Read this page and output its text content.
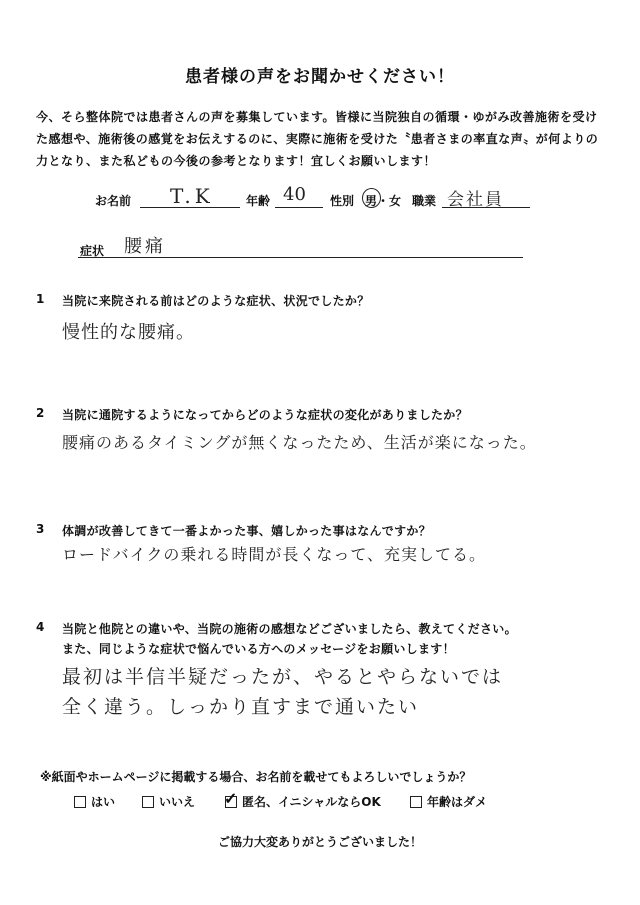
患者様の声をお聞かせください！
今、そら整体院では患者さんの声を募集しています。皆様に当院独自の循環・ゆがみ改善施術を受けた感想や、施術後の感覚をお伝えするのに、実際に施術を受けた〝患者さまの率直な声〟が何よりの力となり、また私どもの今後の参考となります！宜しくお願いします！
お名前 T.K	年齢 40 性別 男・女 職業 会社員
症状 腰痛
1 当院に来院される前はどのような症状、状況でしたか？
慢性的な腰痛。
2 当院に通院するようになってからどのような症状の変化がありましたか？
腰痛のあるタイミングが無くなったため、生活が楽になった。
3 体調が改善してきて一番よかった事、嬉しかった事はなんですか？
ロードバイクの乗れる時間が長くなって、充実してる。
4 当院と他院との違いや、当院の施術の感想などございましたら、教えてください。
また、同じような症状で悩んでいる方へのメッセージをお願いします！
最初は半信半疑だったが、やるとやらないでは
全く違う。しっかり直すまで通いたい
※紙面やホームページに掲載する場合、お名前を載せてもよろしいでしょうか？
はい	いいえ ✓ 匿名、イニシャルならOK	年齢はダメ
ご協力大変ありがとうございました！
